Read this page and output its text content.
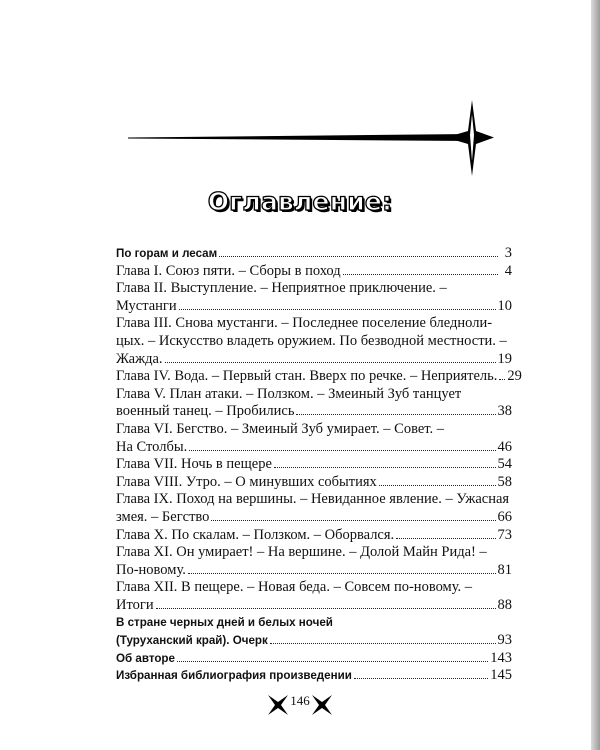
Оглавление:
По горам и лесам	3
Глава I. Союз пяти. – Сборы в поход	4
Глава II. Выступление. – Неприятное приключение. –
Мустанги	10
Глава III. Снова мустанги. – Последнее поселение бледноли-
цых. – Искусство владеть оружием. По безводной местности. –
Жажда.	19
Глава IV. Вода. – Первый стан. Вверх по речке. – Неприятель. 29
Глава V. План атаки. – Ползком. – Змеиный Зуб танцует
военный танец. – Пробились	38
Глава VI. Бегство. – Змеиный Зуб умирает. – Совет. –
На Столбы.	46
Глава VII. Ночь в пещере	54
Глава VIII. Утро. – О минувших событиях	58
Глава IX. Поход на вершины. – Невиданное явление. – Ужасная
змея. – Бегство	66
Глава X. По скалам. – Ползком. – Оборвался.	73
Глава XI. Он умирает! – На вершине. – Долой Майн Рида! –
По-новому.	81
Глава XII. В пещере. – Новая беда. – Совсем по-новому. –
Итоги	88
В стране черных дней и белых ночей
(Туруханский край). Очерк	93
Об авторе	143
Избранная библиография произведении	145
146
